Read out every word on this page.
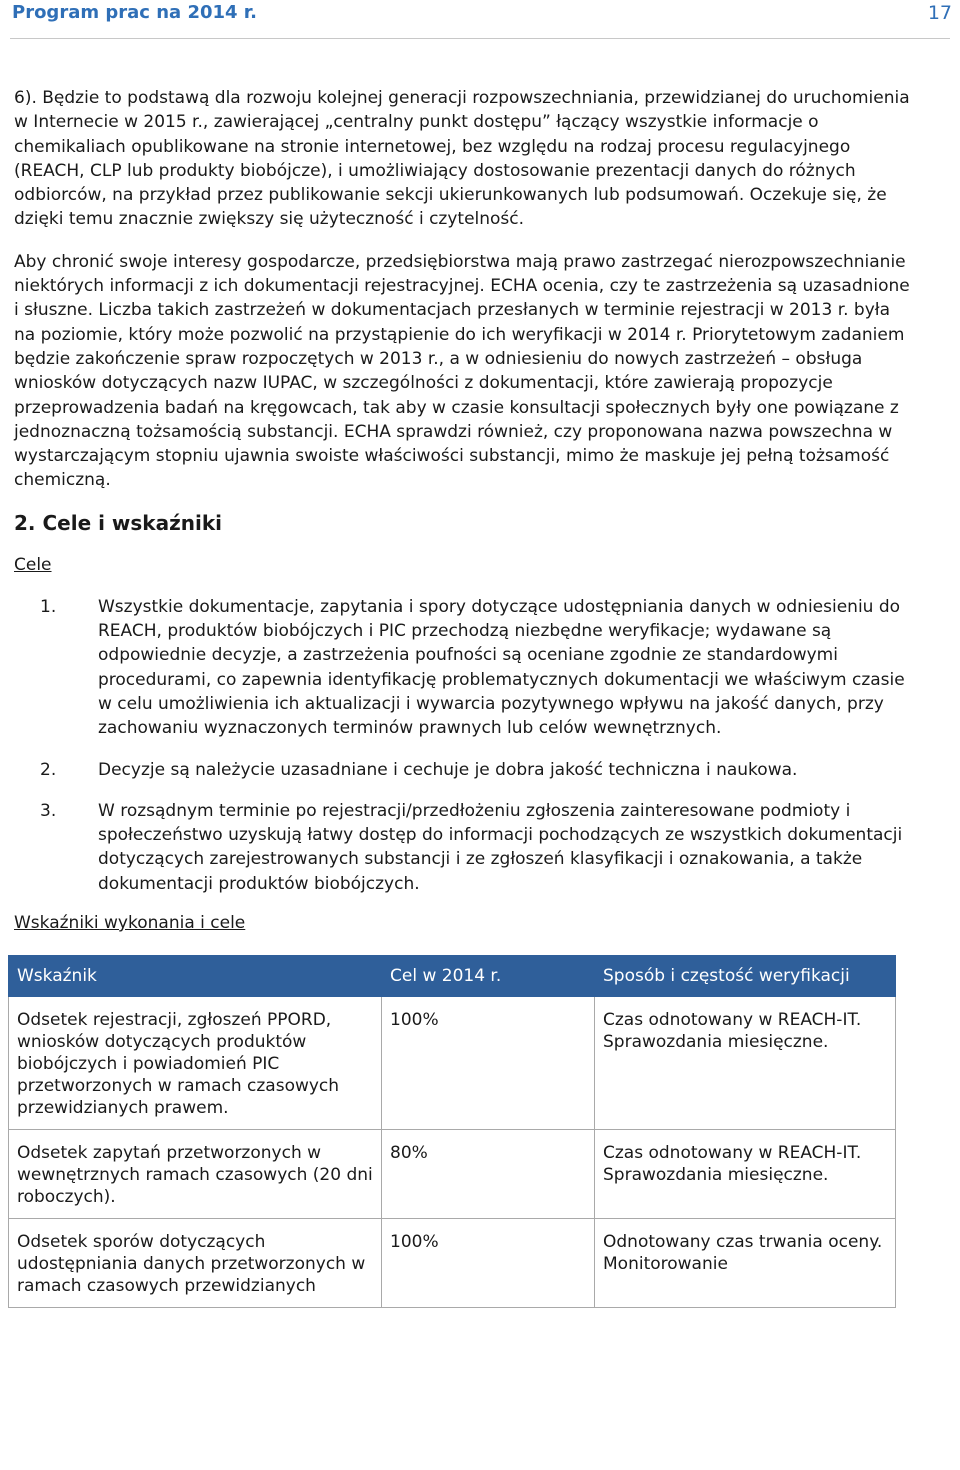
Program prac na 2014 r.	17

6). Będzie to podstawą dla rozwoju kolejnej generacji rozpowszechniania, przewidzianej do uruchomienia w Internecie w 2015 r., zawierającej „centralny punkt dostępu” łączący wszystkie informacje o chemikaliach opublikowane na stronie internetowej, bez względu na rodzaj procesu regulacyjnego (REACH, CLP lub produkty biobójcze), i umożliwiający dostosowanie prezentacji danych do różnych odbiorców, na przykład przez publikowanie sekcji ukierunkowanych lub podsumowań. Oczekuje się, że dzięki temu znacznie zwiększy się użyteczność i czytelność.

Aby chronić swoje interesy gospodarcze, przedsiębiorstwa mają prawo zastrzegać nierozpowszechnianie niektórych informacji z ich dokumentacji rejestracyjnej. ECHA ocenia, czy te zastrzeżenia są uzasadnione i słuszne. Liczba takich zastrzeżeń w dokumentacjach przesłanych w terminie rejestracji w 2013 r. była na poziomie, który może pozwolić na przystąpienie do ich weryfikacji w 2014 r. Priorytetowym zadaniem będzie zakończenie spraw rozpoczętych w 2013 r., a w odniesieniu do nowych zastrzeżeń – obsługa wniosków dotyczących nazw IUPAC, w szczególności z dokumentacji, które zawierają propozycje przeprowadzenia badań na kręgowcach, tak aby w czasie konsultacji społecznych były one powiązane z jednoznaczną tożsamością substancji. ECHA sprawdzi również, czy proponowana nazwa powszechna w wystarczającym stopniu ujawnia swoiste właściwości substancji, mimo że maskuje jej pełną tożsamość chemiczną.

2. Cele i wskaźniki
Cele
1. Wszystkie dokumentacje, zapytania i spory dotyczące udostępniania danych w odniesieniu do REACH, produktów biobójczych i PIC przechodzą niezbędne weryfikacje; wydawane są odpowiednie decyzje, a zastrzeżenia poufności są oceniane zgodnie ze standardowymi procedurami, co zapewnia identyfikację problematycznych dokumentacji we właściwym czasie w celu umożliwienia ich aktualizacji i wywarcia pozytywnego wpływu na jakość danych, przy zachowaniu wyznaczonych terminów prawnych lub celów wewnętrznych.
2. Decyzje są należycie uzasadniane i cechuje je dobra jakość techniczna i naukowa.
3. W rozsądnym terminie po rejestracji/przedłożeniu zgłoszenia zainteresowane podmioty i społeczeństwo uzyskują łatwy dostęp do informacji pochodzących ze wszystkich dokumentacji dotyczących zarejestrowanych substancji i ze zgłoszeń klasyfikacji i oznakowania, a także dokumentacji produktów biobójczych.
Wskaźniki wykonania i cele
Wskaźnik	Cel w 2014 r.	Sposób i częstość weryfikacji
Odsetek rejestracji, zgłoszeń PPORD, wniosków dotyczących produktów biobójczych i powiadomień PIC przetworzonych w ramach czasowych przewidzianych prawem.	100%	Czas odnotowany w REACH-IT. Sprawozdania miesięczne.
Odsetek zapytań przetworzonych w wewnętrznych ramach czasowych (20 dni roboczych).	80%	Czas odnotowany w REACH-IT. Sprawozdania miesięczne.
Odsetek sporów dotyczących udostępniania danych przetworzonych w ramach czasowych przewidzianych	100%	Odnotowany czas trwania oceny. Monitorowanie
